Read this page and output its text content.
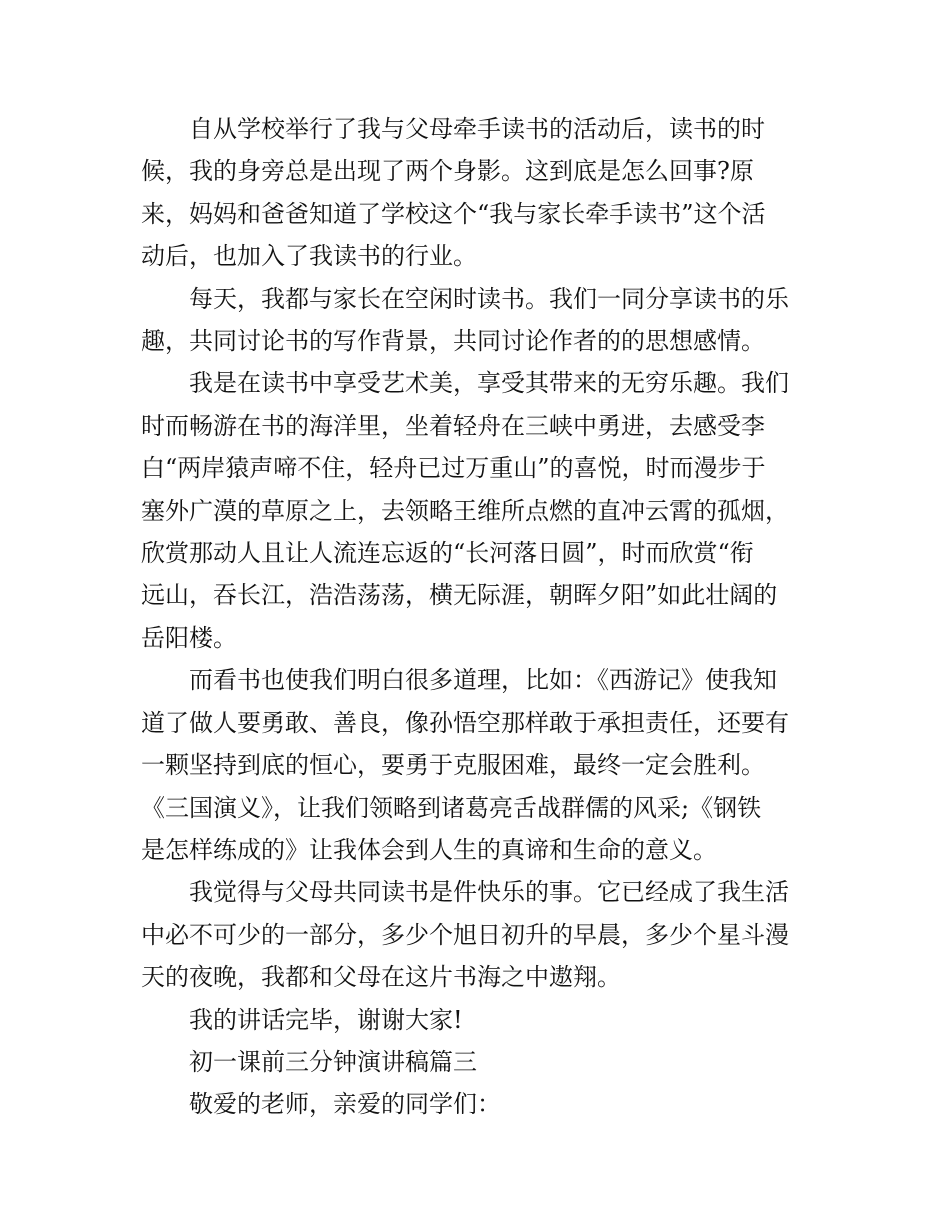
自从学校举行了我与父母牵手读书的活动后，读书的时
候，我的身旁总是出现了两个身影。这到底是怎么回事?原
来，妈妈和爸爸知道了学校这个“我与家长牵手读书”这个活
动后，也加入了我读书的行业。

每天，我都与家长在空闲时读书。我们一同分享读书的乐
趣，共同讨论书的写作背景，共同讨论作者的的思想感情。

我是在读书中享受艺术美，享受其带来的无穷乐趣。我们
时而畅游在书的海洋里，坐着轻舟在三峡中勇进，去感受李
白“两岸猿声啼不住，轻舟已过万重山”的喜悦，时而漫步于
塞外广漠的草原之上，去领略王维所点燃的直冲云霄的孤烟，
欣赏那动人且让人流连忘返的“长河落日圆”，时而欣赏“衔
远山，吞长江，浩浩荡荡，横无际涯，朝晖夕阳”如此壮阔的
岳阳楼。

而看书也使我们明白很多道理，比如：《西游记》使我知
道了做人要勇敢、善良，像孙悟空那样敢于承担责任，还要有
一颗坚持到底的恒心，要勇于克服困难，最终一定会胜利。
《三国演义》，让我们领略到诸葛亮舌战群儒的风采;《钢铁
是怎样练成的》让我体会到人生的真谛和生命的意义。

我觉得与父母共同读书是件快乐的事。它已经成了我生活
中必不可少的一部分，多少个旭日初升的早晨，多少个星斗漫
天的夜晚，我都和父母在这片书海之中遨翔。

我的讲话完毕，谢谢大家!

初一课前三分钟演讲稿篇三

敬爱的老师，亲爱的同学们：
